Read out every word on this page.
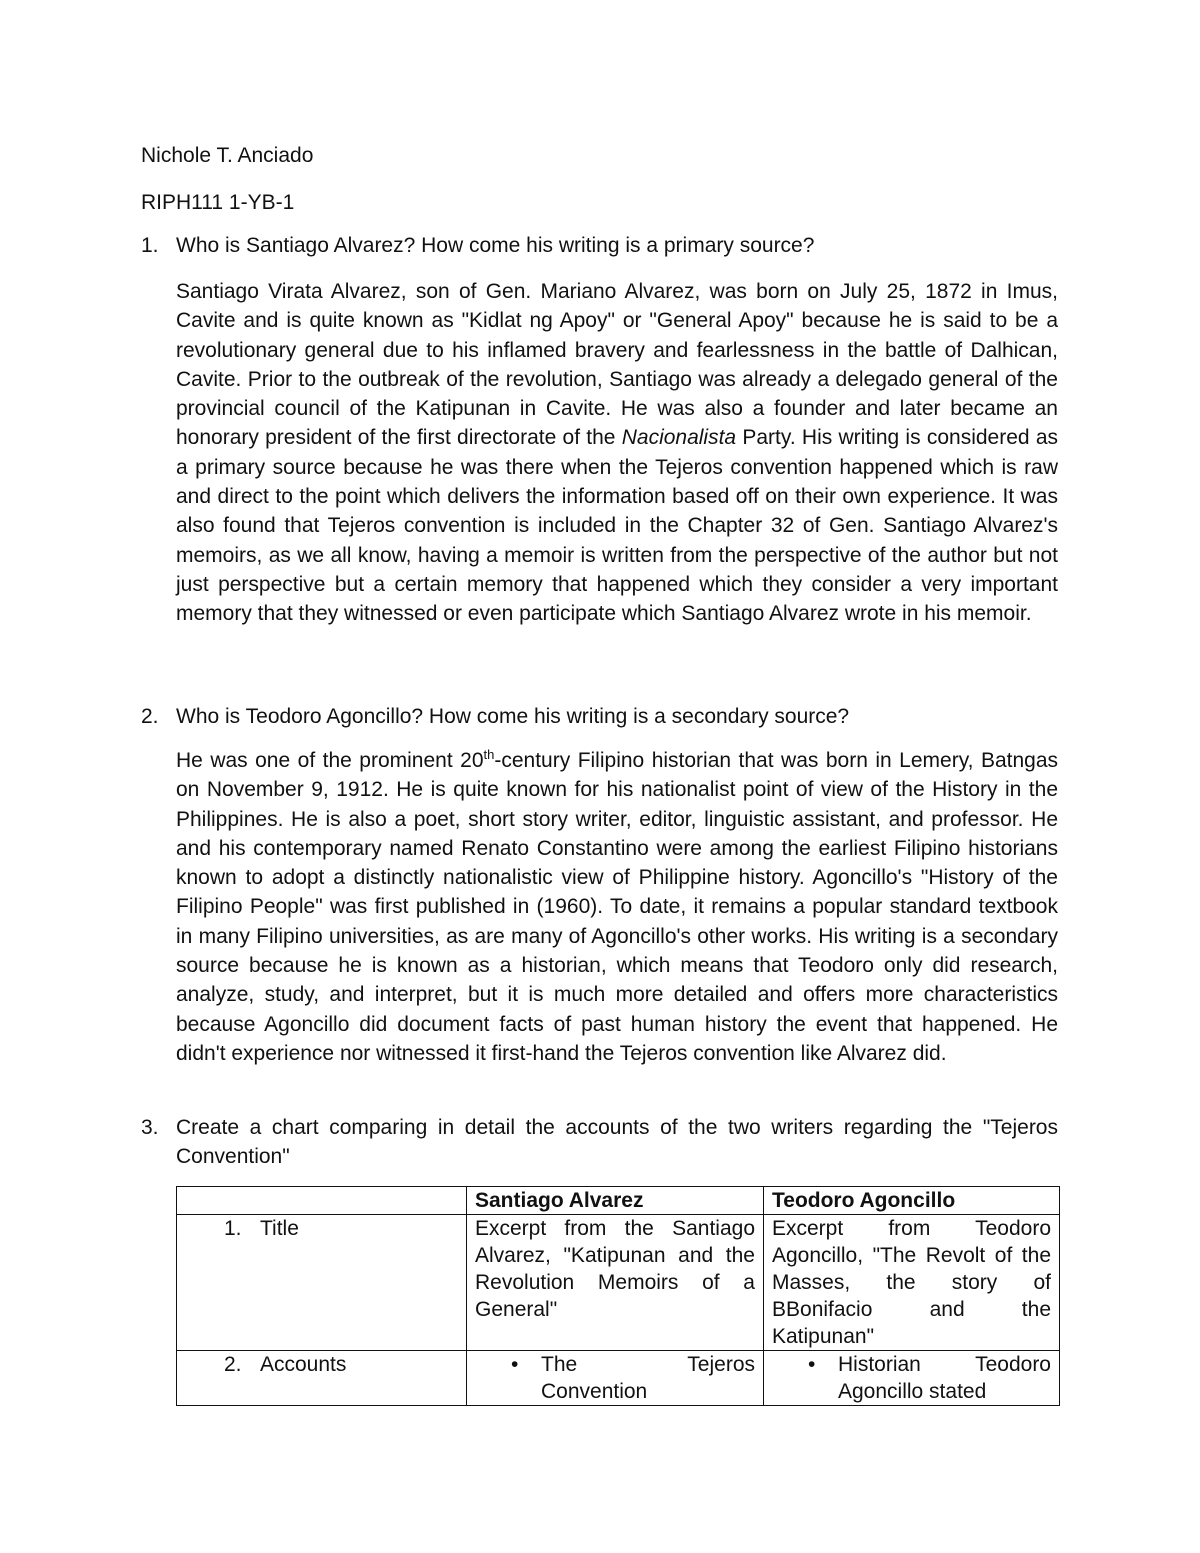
Nichole T. Anciado

RIPH111 1-YB-1

1. Who is Santiago Alvarez? How come his writing is a primary source?

Santiago Virata Alvarez, son of Gen. Mariano Alvarez, was born on July 25, 1872 in Imus, Cavite and is quite known as "Kidlat ng Apoy" or "General Apoy" because he is said to be a revolutionary general due to his inflamed bravery and fearlessness in the battle of Dalhican, Cavite. Prior to the outbreak of the revolution, Santiago was already a delegado general of the provincial council of the Katipunan in Cavite. He was also a founder and later became an honorary president of the first directorate of the Nacionalista Party. His writing is considered as a primary source because he was there when the Tejeros convention happened which is raw and direct to the point which delivers the information based off on their own experience. It was also found that Tejeros convention is included in the Chapter 32 of Gen. Santiago Alvarez's memoirs, as we all know, having a memoir is written from the perspective of the author but not just perspective but a certain memory that happened which they consider a very important memory that they witnessed or even participate which Santiago Alvarez wrote in his memoir.

2. Who is Teodoro Agoncillo? How come his writing is a secondary source?

He was one of the prominent 20th-century Filipino historian that was born in Lemery, Batngas on November 9, 1912. He is quite known for his nationalist point of view of the History in the Philippines. He is also a poet, short story writer, editor, linguistic assistant, and professor. He and his contemporary named Renato Constantino were among the earliest Filipino historians known to adopt a distinctly nationalistic view of Philippine history. Agoncillo's "History of the Filipino People" was first published in (1960). To date, it remains a popular standard textbook in many Filipino universities, as are many of Agoncillo's other works. His writing is a secondary source because he is known as a historian, which means that Teodoro only did research, analyze, study, and interpret, but it is much more detailed and offers more characteristics because Agoncillo did document facts of past human history the event that happened. He didn't experience nor witnessed it first-hand the Tejeros convention like Alvarez did.

3. Create a chart comparing in detail the accounts of the two writers regarding the "Tejeros Convention"

	Santiago Alvarez	Teodoro Agoncillo

1. Title	Excerpt from the Santiago Alvarez, "Katipunan and the Revolution Memoirs of a General"	Excerpt from Teodoro Agoncillo, "The Revolt of the Masses, the story of BBonifacio and the Katipunan"

2. Accounts	• The Tejeros Convention	• Historian Teodoro Agoncillo stated
